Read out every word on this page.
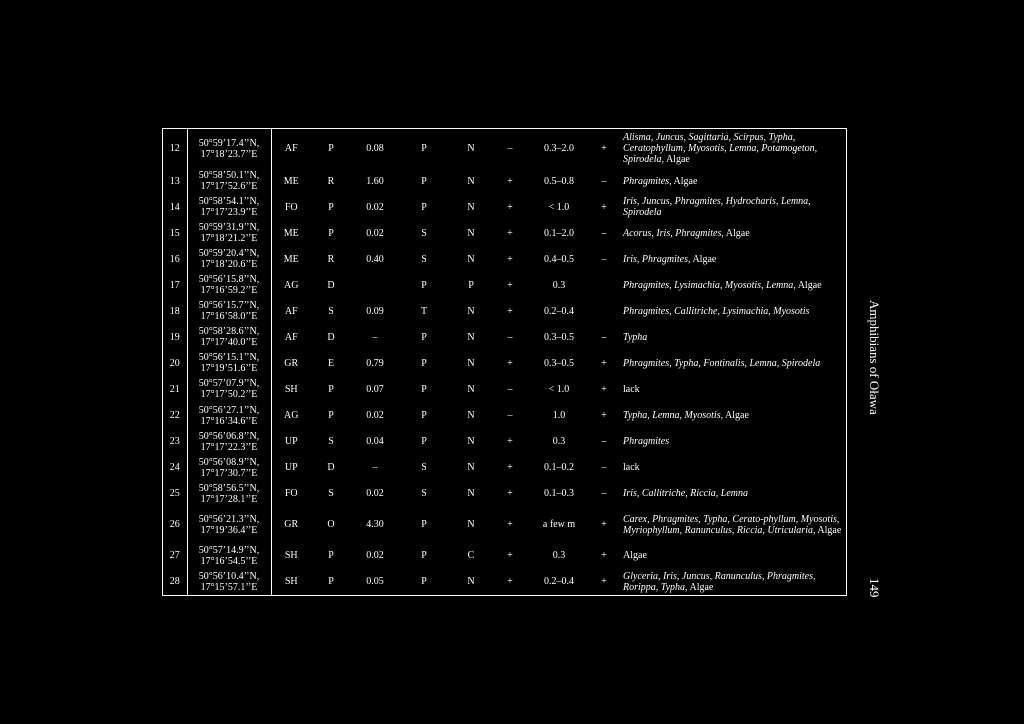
12	50°59’17.4’’N,
17°18’23.7’’E	AF	P	0.08	P	N	–	0.3–2.0	+	Alisma, Juncus, Sagittaria, Scirpus, Typha, Ceratophyllum, Myosotis, Lemna, Potamogeton, Spirodela, Algae
13	50°58’50.1’’N,
17°17’52.6’’E	ME	R	1.60	P	N	+	0.5–0.8	–	Phragmites, Algae
14	50°58’54.1’’N,
17°17’23.9’’E	FO	P	0.02	P	N	+	< 1.0	+	Iris, Juncus, Phragmites, Hydrocharis, Lemna, Spirodela
15	50°59’31.9’’N,
17°18’21.2’’E	ME	P	0.02	S	N	+	0.1–2.0	–	Acorus, Iris, Phragmites, Algae
16	50°59’20.4’’N,
17°18’20.6’’E	ME	R	0.40	S	N	+	0.4–0.5	–	Iris, Phragmites, Algae
17	50°56’15.8’’N,
17°16’59.2’’E	AG	D		P	P	+	0.3		Phragmites, Lysimachia, Myosotis, Lemna, Algae
18	50°56’15.7’’N,
17°16’58.0’’E	AF	S	0.09	T	N	+	0.2–0.4		Phragmites, Callitriche, Lysimachia, Myosotis
19	50°58’28.6’’N,
17°17’40.0’’E	AF	D	–	P	N	–	0.3–0.5	–	Typha
20	50°56’15.1’’N,
17°19’51.6’’E	GR	E	0.79	P	N	+	0.3–0.5	+	Phragmites, Typha, Fontinalis, Lemna, Spirodela
21	50°57’07.9’’N,
17°17’50.2’’E	SH	P	0.07	P	N	–	< 1.0	+	lack
22	50°56’27.1’’N,
17°16’34.6’’E	AG	P	0.02	P	N	–	1.0	+	Typha, Lemna, Myosotis, Algae
23	50°56’06.8’’N,
17°17’22.3’’E	UP	S	0.04	P	N	+	0.3	–	Phragmites
24	50°56’08.9’’N,
17°17’30.7’’E	UP	D	–	S	N	+	0.1–0.2	–	lack
25	50°58’56.5’’N,
17°17’28.1’’E	FO	S	0.02	S	N	+	0.1–0.3	–	Iris, Callitriche, Riccia, Lemna
26	50°56’21.3’’N,
17°19’36.4’’E	GR	O	4.30	P	N	+	a few m	+	Carex, Phragmites, Typha, Cerato-phyllum, Myosotis, Myriophyllum, Ranunculus, Riccia, Utricularia, Algae
27	50°57’14.9’’N,
17°16’54.5’’E	SH	P	0.02	P	C	+	0.3	+	Algae
28	50°56’10.4’’N,
17°15’57.1’’E	SH	P	0.05	P	N	+	0.2–0.4	+	Glyceria, Iris, Juncus, Ranunculus, Phragmites, Rorippa, Typha, Algae
Amphibians of Oława
149
